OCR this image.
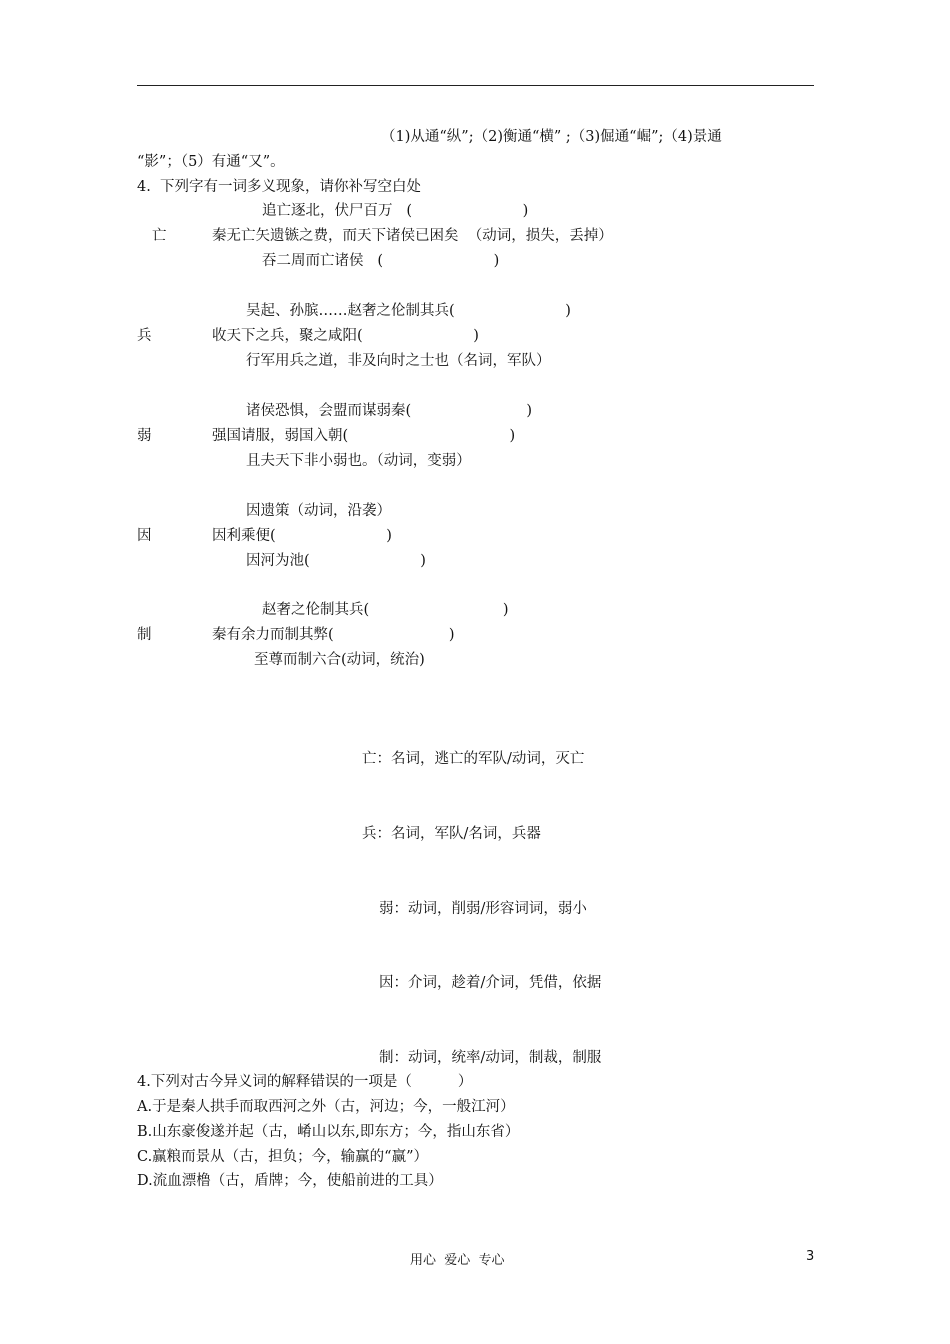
（1)从通“纵”;（2)衡通“横” ;（3)倔通“崛”;（4)景通
“影”；（5）有通“又”。
4.  下列字有一词多义现象，请你补写空白处
追亡逐北，伏尸百万   (                        )
亡	秦无亡矢遗镞之费，而天下诸侯已困矣  （动词，损失，丢掉）
吞二周而亡诸侯   (                        )
吴起、孙膑……赵奢之伦制其兵(                        )
兵	收天下之兵，聚之咸阳(                        )
行军用兵之道，非及向时之士也（名词，军队）
诸侯恐惧，会盟而谋弱秦(                         )
弱	强国请服，弱国入朝(                                   )
且夫天下非小弱也。（动词，变弱）
因遗策（动词，沿袭）
因	因利乘便(                        )
因河为池(                        )
赵奢之伦制其兵(                             )
制	秦有余力而制其弊(                         )
至尊而制六合(动词，统治)
亡：名词，逃亡的军队/动词，灭亡
兵：名词，军队/名词，兵器
弱：动词，削弱/形容词词，弱小
因：介词，趁着/介词，凭借，依据
制：动词，统率/动词，制裁，制服
4.下列对古今异义词的解释错误的一项是（          ）
A.于是秦人拱手而取西河之外（古，河边；今，一般江河）
B.山东豪俊遂并起（古，崤山以东,即东方；今，指山东省）
C.赢粮而景从（古，担负；今，输赢的“赢”）
D.流血漂橹（古，盾牌；今，使船前进的工具）
用心  爱心  专心	3
